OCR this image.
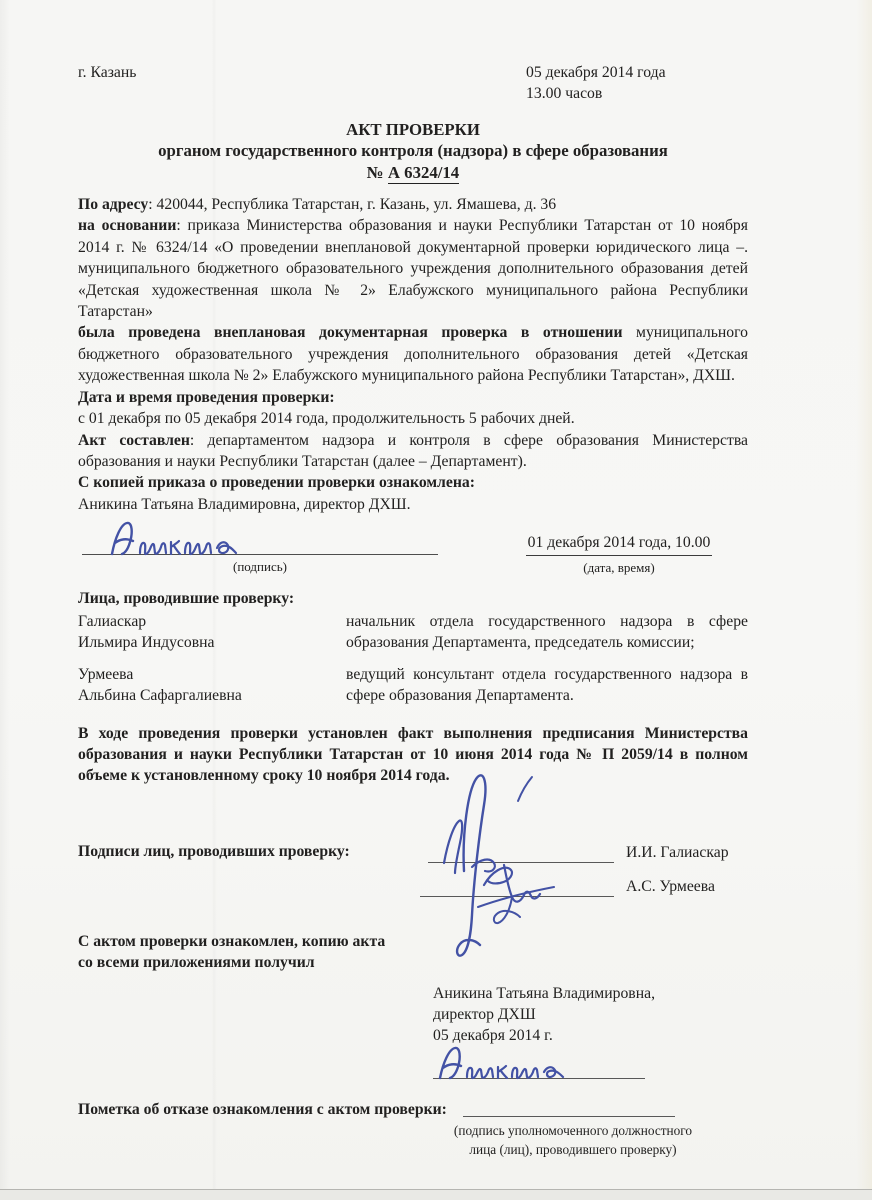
г. Казань	05 декабря 2014 года
13.00 часов
АКТ ПРОВЕРКИ
органом государственного контроля (надзора) в сфере образования
№ А 6324/14

По адресу: 420044, Республика Татарстан, г. Казань, ул. Ямашева, д. 36

на основании: приказа Министерства образования и науки Республики Татарстан от 10 ноября 2014 г. № 6324/14 «О проведении внеплановой документарной проверки юридического лица –. муниципального бюджетного образовательного учреждения дополнительного образования детей «Детская художественная школа № 2» Елабужского муниципального района Республики Татарстан»

была проведена внеплановая документарная проверка в отношении муниципального бюджетного образовательного учреждения дополнительного образования детей «Детская художественная школа № 2» Елабужского муниципального района Республики Татарстан», ДХШ.

Дата и время проведения проверки:

с 01 декабря по 05 декабря 2014 года, продолжительность 5 рабочих дней.

Акт составлен: департаментом надзора и контроля в сфере образования Министерства образования и науки Республики Татарстан (далее – Департамент).

С копией приказа о проведении проверки ознакомлена:

Аникина Татьяна Владимировна, директор ДХШ.

(подпись)
01 декабря 2014 года, 10.00
(дата, время)
Лица, проводившие проверку:
Галиаскар
Ильмира Индусовна
начальник отдела государственного надзора в сфере образования Департамента, председатель комиссии;
Урмеева
Альбина Сафаргалиевна
ведущий консультант отдела государственного надзора в сфере образования Департамента.

В ходе проведения проверки установлен факт выполнения предписания Министерства образования и науки Республики Татарстан от 10 июня 2014 года № П 2059/14 в полном объеме к установленному сроку 10 ноября 2014 года.

Подписи лиц, проводивших проверку:	И.И. Галиаскар
А.С. Урмеева
С актом проверки ознакомлен, копию акта
со всеми приложениями получил
Аникина Татьяна Владимировна,
директор ДХШ
05 декабря 2014 г.
Пометка об отказе ознакомления с актом проверки:
(подпись уполномоченного должностного
лица (лиц), проводившего проверку)
